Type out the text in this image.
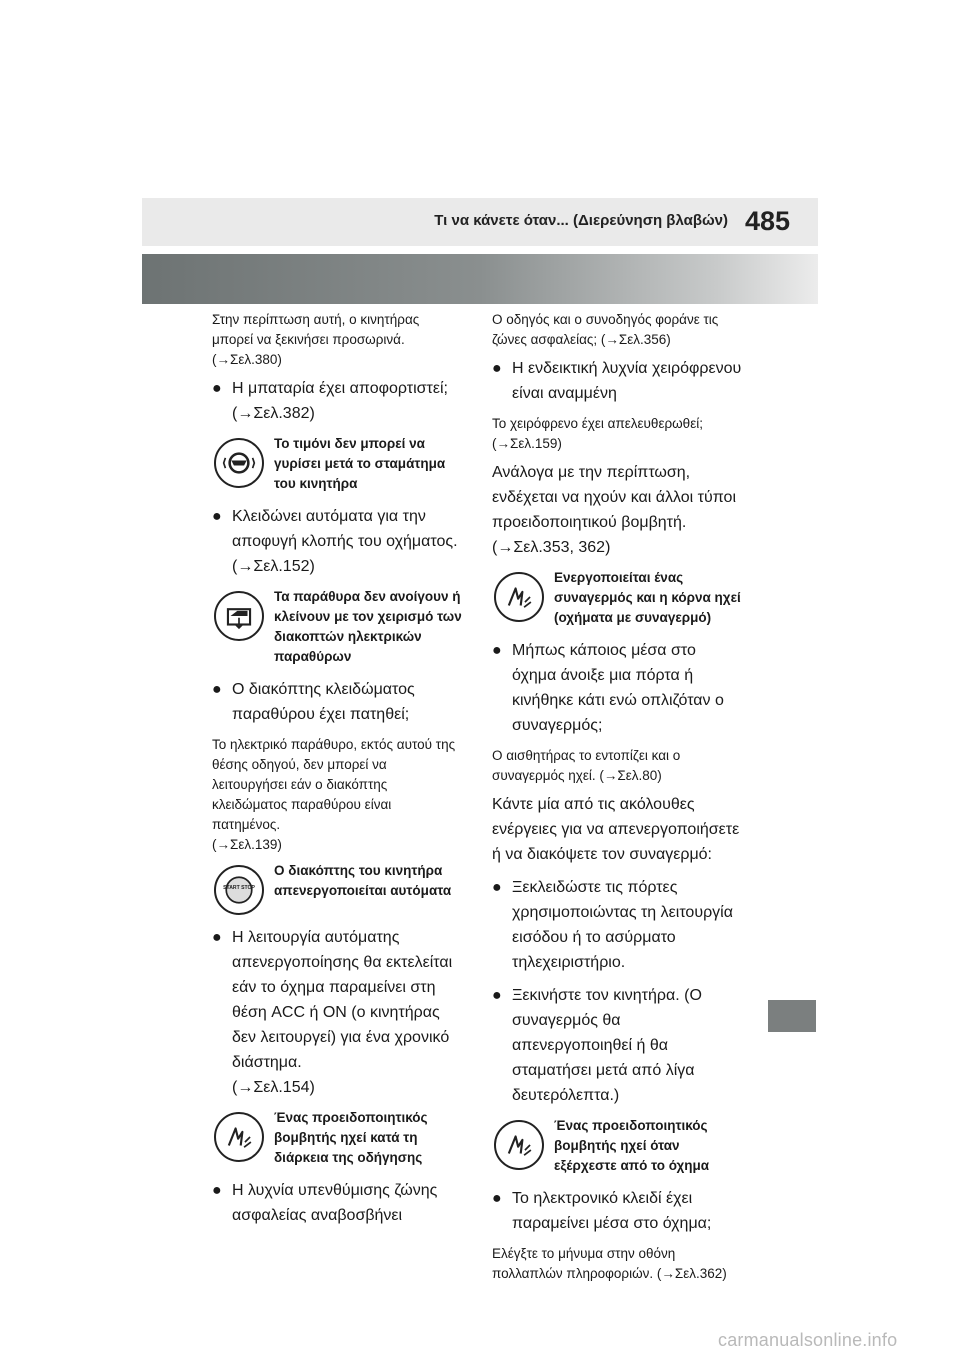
Τι να κάνετε όταν... (Διερεύνηση βλαβών) 485

Στην περίπτωση αυτή, ο κινητήρας μπορεί να ξεκινήσει προσωρινά.
(→Σελ.380)

● Η μπαταρία έχει αποφορτιστεί;
(→Σελ.382)
Το τιμόνι δεν μπορεί να γυρίσει μετά το σταμάτημα του κινητήρα
● Κλειδώνει αυτόματα για την αποφυγή κλοπής του οχήματος.
(→Σελ.152)
Τα παράθυρα δεν ανοίγουν ή κλείνουν με τον χειρισμό των διακοπτών ηλεκτρικών παραθύρων
● Ο διακόπτης κλειδώματος παραθύρου έχει πατηθεί;

Το ηλεκτρικό παράθυρο, εκτός αυτού της θέσης οδηγού, δεν μπορεί να λειτουργήσει εάν ο διακόπτης κλειδώματος παραθύρου είναι πατημένος.
(→Σελ.139)

START STOP
Ο διακόπτης του κινητήρα απενεργοποιείται αυτόματα
● Η λειτουργία αυτόματης απενεργοποίησης θα εκτελείται εάν το όχημα παραμείνει στη θέση ACC ή ON (ο κινητήρας δεν λειτουργεί) για ένα χρονικό διάστημα.
(→Σελ.154)
Ένας προειδοποιητικός βομβητής ηχεί κατά τη διάρκεια της οδήγησης
● Η λυχνία υπενθύμισης ζώνης ασφαλείας αναβοσβήνει

Ο οδηγός και ο συνοδηγός φοράνε τις ζώνες ασφαλείας; (→Σελ.356)

● Η ενδεικτική λυχνία χειρόφρενου είναι αναμμένη

Το χειρόφρενο έχει απελευθερωθεί;
(→Σελ.159)

Ανάλογα με την περίπτωση, ενδέχεται να ηχούν και άλλοι τύποι προειδοποιητικού βομβητή.
(→Σελ.353, 362)

Ενεργοποιείται ένας συναγερμός και η κόρνα ηχεί (οχήματα με συναγερμό)
● Μήπως κάποιος μέσα στο όχημα άνοιξε μια πόρτα ή κινήθηκε κάτι ενώ οπλιζόταν ο συναγερμός;

Ο αισθητήρας το εντοπίζει και ο συναγερμός ηχεί. (→Σελ.80)

Κάντε μία από τις ακόλουθες ενέργειες για να απενεργοποιήσετε ή να διακόψετε τον συναγερμό:

● Ξεκλειδώστε τις πόρτες χρησιμοποιώντας τη λειτουργία εισόδου ή το ασύρματο τηλεχειριστήριο.
● Ξεκινήστε τον κινητήρα. (Ο συναγερμός θα απενεργοποιηθεί ή θα σταματήσει μετά από λίγα δευτερόλεπτα.)
Ένας προειδοποιητικός βομβητής ηχεί όταν εξέρχεστε από το όχημα
● Το ηλεκτρονικό κλειδί έχει παραμείνει μέσα στο όχημα;

Ελέγξτε το μήνυμα στην οθόνη πολλαπλών πληροφοριών. (→Σελ.362)

carmanualsonline.info
